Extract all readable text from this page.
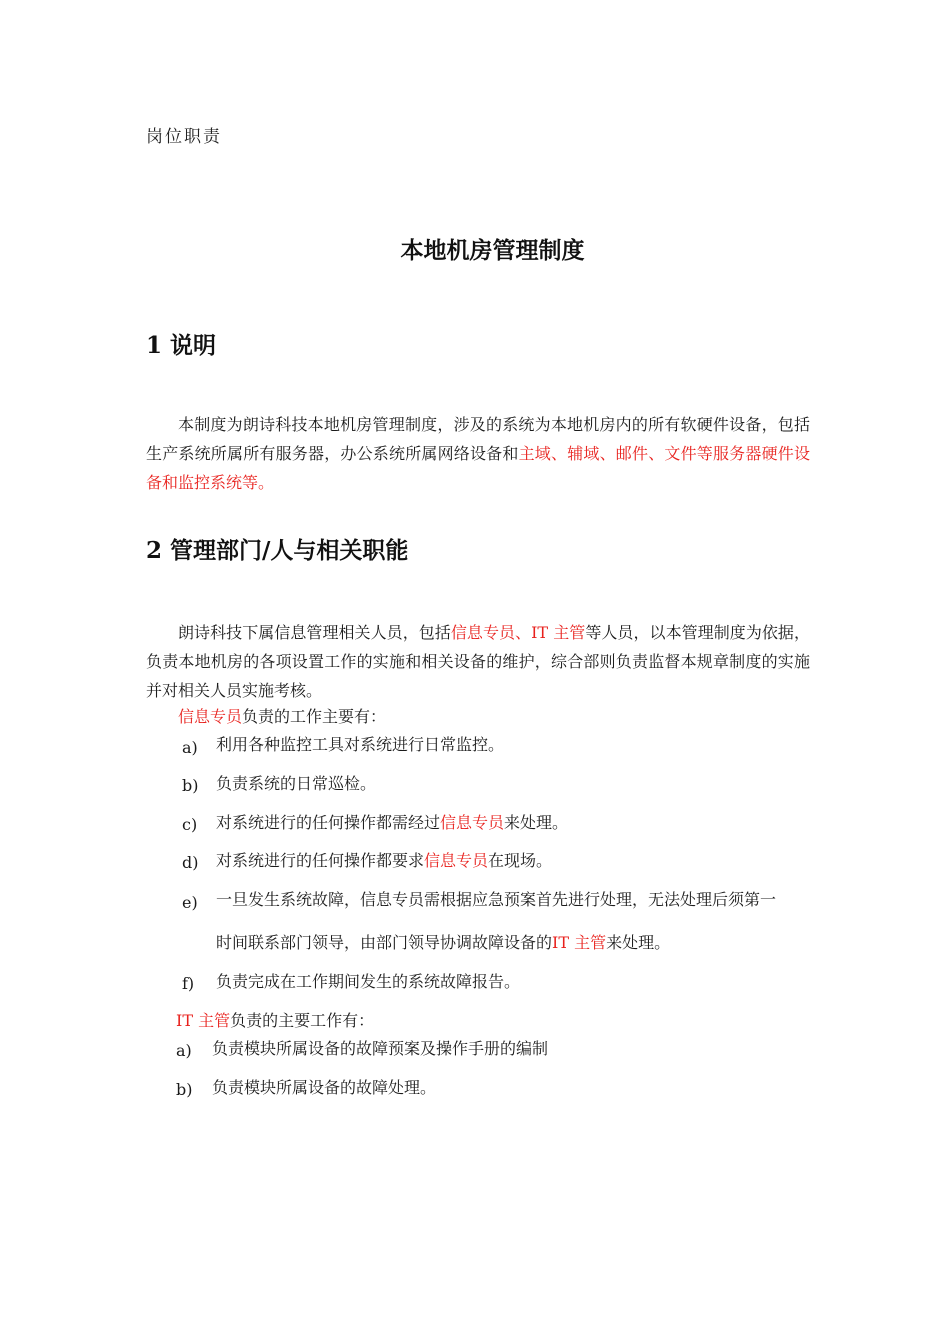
岗位职责
本地机房管理制度
1 说明
本制度为朗诗科技本地机房管理制度，涉及的系统为本地机房内的所有软硬件设备，包括生产系统所属所有服务器，办公系统所属网络设备和主域、辅域、邮件、文件等服务器硬件设备和监控系统等。
2 管理部门/人与相关职能
朗诗科技下属信息管理相关人员，包括信息专员、IT 主管等人员，以本管理制度为依据，负责本地机房的各项设置工作的实施和相关设备的维护，综合部则负责监督本规章制度的实施并对相关人员实施考核。
信息专员负责的工作主要有：
a) 利用各种监控工具对系统进行日常监控。
b) 负责系统的日常巡检。
c) 对系统进行的任何操作都需经过信息专员来处理。
d) 对系统进行的任何操作都要求信息专员在现场。
e) 一旦发生系统故障，信息专员需根据应急预案首先进行处理，无法处理后须第一
时间联系部门领导，由部门领导协调故障设备的IT 主管来处理。
f) 负责完成在工作期间发生的系统故障报告。
IT 主管负责的主要工作有：
a) 负责模块所属设备的故障预案及操作手册的编制
b) 负责模块所属设备的故障处理。
